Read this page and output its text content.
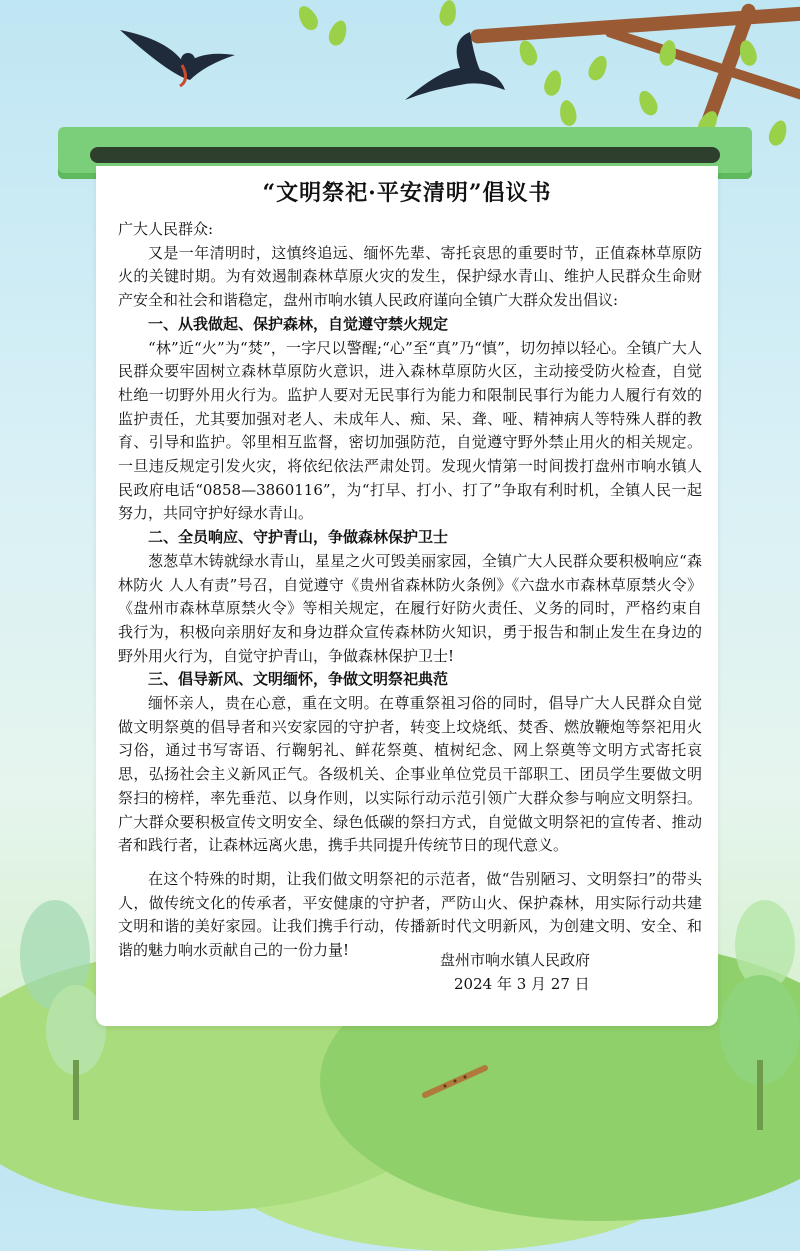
“文明祭祀·平安清明”倡议书

广大人民群众:

又是一年清明时，这慎终追远、缅怀先辈、寄托哀思的重要时节，正值森林草原防火的关键时期。为有效遏制森林草原火灾的发生，保护绿水青山、维护人民群众生命财产安全和社会和谐稳定，盘州市响水镇人民政府谨向全镇广大群众发出倡议:

一、从我做起、保护森林，自觉遵守禁火规定

“林”近“火”为“焚”，一字尺以警醒;“心”至“真”乃“慎”，切勿掉以轻心。全镇广大人民群众要牢固树立森林草原防火意识，进入森林草原防火区，主动接受防火检查，自觉杜绝一切野外用火行为。监护人要对无民事行为能力和限制民事行为能力人履行有效的监护责任，尤其要加强对老人、未成年人、痴、呆、聋、哑、精神病人等特殊人群的教育、引导和监护。邻里相互监督，密切加强防范，自觉遵守野外禁止用火的相关规定。一旦违反规定引发火灾，将依纪依法严肃处罚。发现火情第一时间拨打盘州市响水镇人民政府电话“0858—3860116”，为“打早、打小、打了”争取有利时机，全镇人民一起努力，共同守护好绿水青山。

二、全员响应、守护青山，争做森林保护卫士

葱葱草木铸就绿水青山，星星之火可毁美丽家园，全镇广大人民群众要积极响应“森林防火 人人有责”号召，自觉遵守《贵州省森林防火条例》《六盘水市森林草原禁火令》《盘州市森林草原禁火令》等相关规定，在履行好防火责任、义务的同时，严格约束自我行为，积极向亲朋好友和身边群众宣传森林防火知识，勇于报告和制止发生在身边的野外用火行为，自觉守护青山，争做森林保护卫士!

三、倡导新风、文明缅怀，争做文明祭祀典范

缅怀亲人，贵在心意，重在文明。在尊重祭祖习俗的同时，倡导广大人民群众自觉做文明祭奠的倡导者和兴安家园的守护者，转变上坟烧纸、焚香、燃放鞭炮等祭祀用火习俗，通过书写寄语、行鞠躬礼、鲜花祭奠、植树纪念、网上祭奠等文明方式寄托哀思，弘扬社会主义新风正气。各级机关、企事业单位党员干部职工、团员学生要做文明祭扫的榜样，率先垂范、以身作则，以实际行动示范引领广大群众参与响应文明祭扫。广大群众要积极宣传文明安全、绿色低碳的祭扫方式，自觉做文明祭祀的宣传者、推动者和践行者，让森林远离火患，携手共同提升传统节日的现代意义。

在这个特殊的时期，让我们做文明祭祀的示范者，做“告别陋习、文明祭扫”的带头人，做传统文化的传承者，平安健康的守护者，严防山火、保护森林，用实际行动共建文明和谐的美好家园。让我们携手行动，传播新时代文明新风，为创建文明、安全、和谐的魅力响水贡献自己的一份力量!

盘州市响水镇人民政府
2024 年 3 月 27 日
